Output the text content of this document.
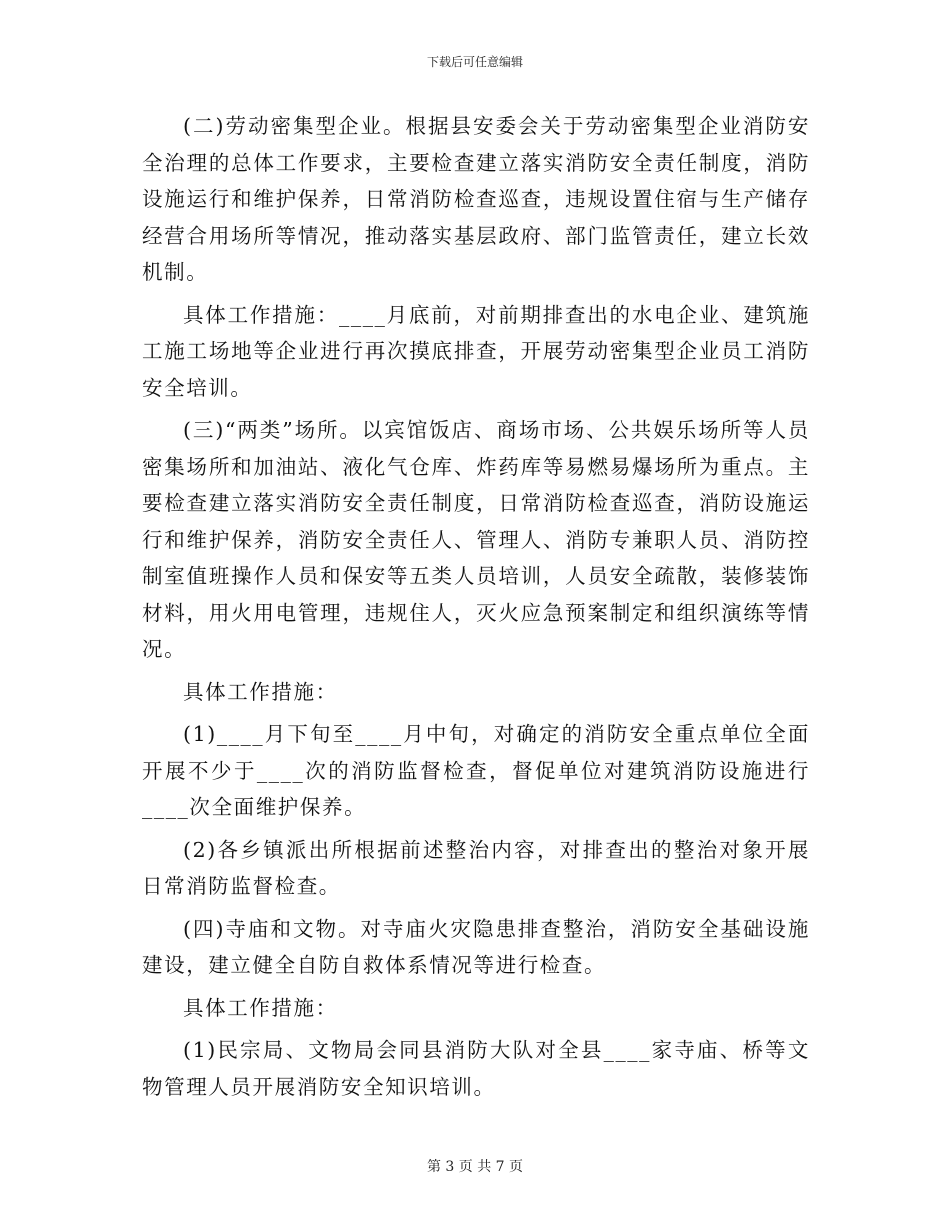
下载后可任意编辑

(二)劳动密集型企业。根据县安委会关于劳动密集型企业消防安全治理的总体工作要求，主要检查建立落实消防安全责任制度，消防设施运行和维护保养，日常消防检查巡查，违规设置住宿与生产储存经营合用场所等情况，推动落实基层政府、部门监管责任，建立长效机制。

具体工作措施：____月底前，对前期排查出的水电企业、建筑施工施工场地等企业进行再次摸底排查，开展劳动密集型企业员工消防安全培训。

(三)“两类”场所。以宾馆饭店、商场市场、公共娱乐场所等人员密集场所和加油站、液化气仓库、炸药库等易燃易爆场所为重点。主要检查建立落实消防安全责任制度，日常消防检查巡查，消防设施运行和维护保养，消防安全责任人、管理人、消防专兼职人员、消防控制室值班操作人员和保安等五类人员培训，人员安全疏散，装修装饰材料，用火用电管理，违规住人，灭火应急预案制定和组织演练等情况。

具体工作措施：

(1)____月下旬至____月中旬，对确定的消防安全重点单位全面开展不少于____次的消防监督检查，督促单位对建筑消防设施进行____次全面维护保养。

(2)各乡镇派出所根据前述整治内容，对排查出的整治对象开展日常消防监督检查。

(四)寺庙和文物。对寺庙火灾隐患排查整治，消防安全基础设施建设，建立健全自防自救体系情况等进行检查。

具体工作措施：

(1)民宗局、文物局会同县消防大队对全县____家寺庙、桥等文物管理人员开展消防安全知识培训。

第 3 页 共 7 页
